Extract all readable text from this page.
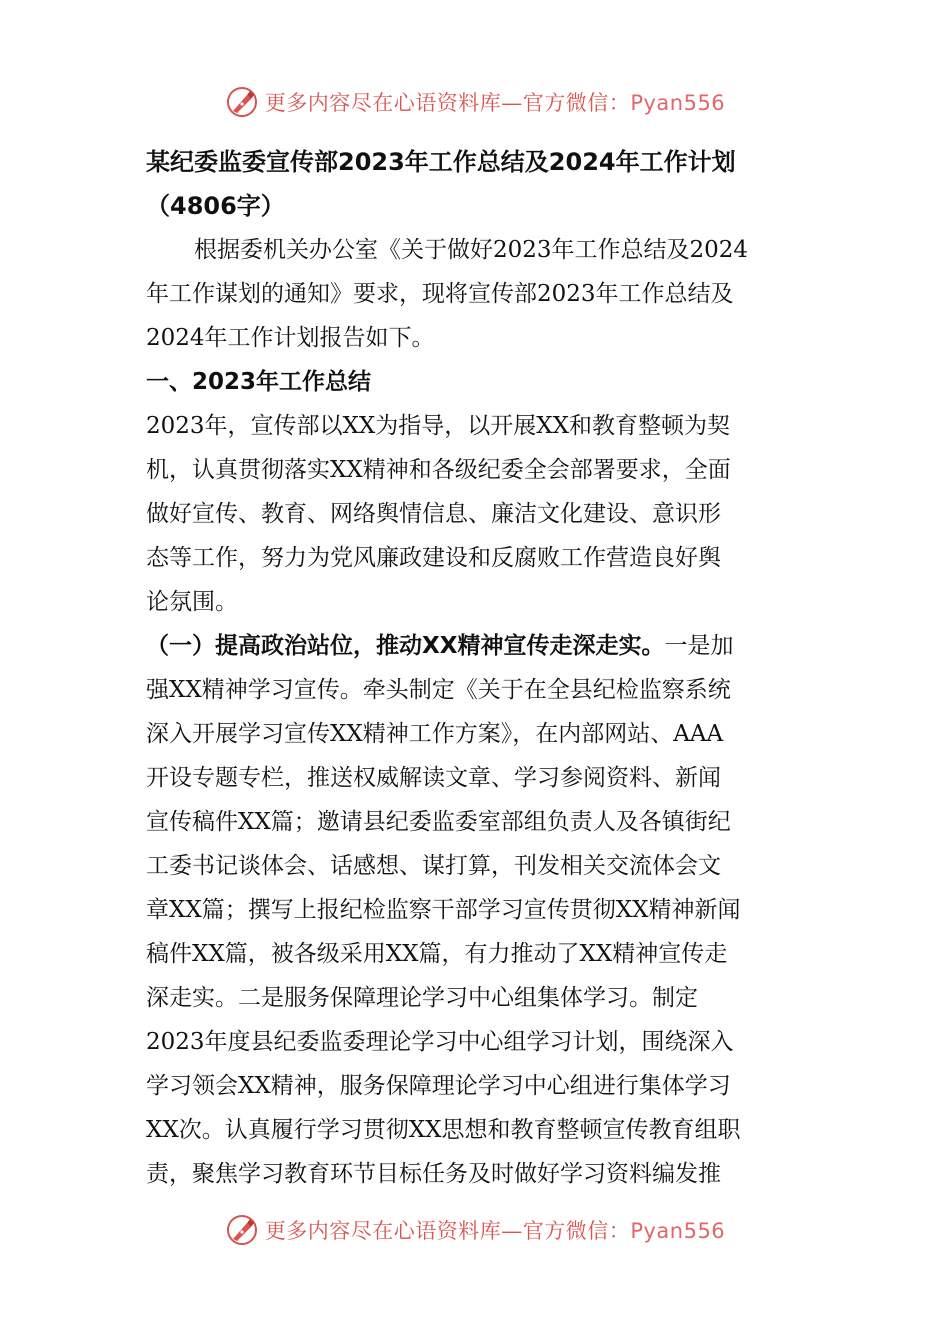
更多内容尽在心语资料库—官方微信：Pyan556

某纪委监委宣传部2023年工作总结及2024年工作计划

（4806字）

根据委机关办公室《关于做好2023年工作总结及2024

年工作谋划的通知》要求，现将宣传部2023年工作总结及

2024年工作计划报告如下。

一、2023年工作总结

2023年，宣传部以XX为指导，以开展XX和教育整顿为契

机，认真贯彻落实XX精神和各级纪委全会部署要求，全面

做好宣传、教育、网络舆情信息、廉洁文化建设、意识形

态等工作，努力为党风廉政建设和反腐败工作营造良好舆

论氛围。

（一）提高政治站位，推动XX精神宣传走深走实。一是加

强XX精神学习宣传。牵头制定《关于在全县纪检监察系统

深入开展学习宣传XX精神工作方案》，在内部网站、AAA

开设专题专栏，推送权威解读文章、学习参阅资料、新闻

宣传稿件XX篇；邀请县纪委监委室部组负责人及各镇街纪

工委书记谈体会、话感想、谋打算，刊发相关交流体会文

章XX篇；撰写上报纪检监察干部学习宣传贯彻XX精神新闻

稿件XX篇，被各级采用XX篇，有力推动了XX精神宣传走

深走实。二是服务保障理论学习中心组集体学习。制定

2023年度县纪委监委理论学习中心组学习计划，围绕深入

学习领会XX精神，服务保障理论学习中心组进行集体学习

XX次。认真履行学习贯彻XX思想和教育整顿宣传教育组职

责，聚焦学习教育环节目标任务及时做好学习资料编发推

更多内容尽在心语资料库—官方微信：Pyan556
